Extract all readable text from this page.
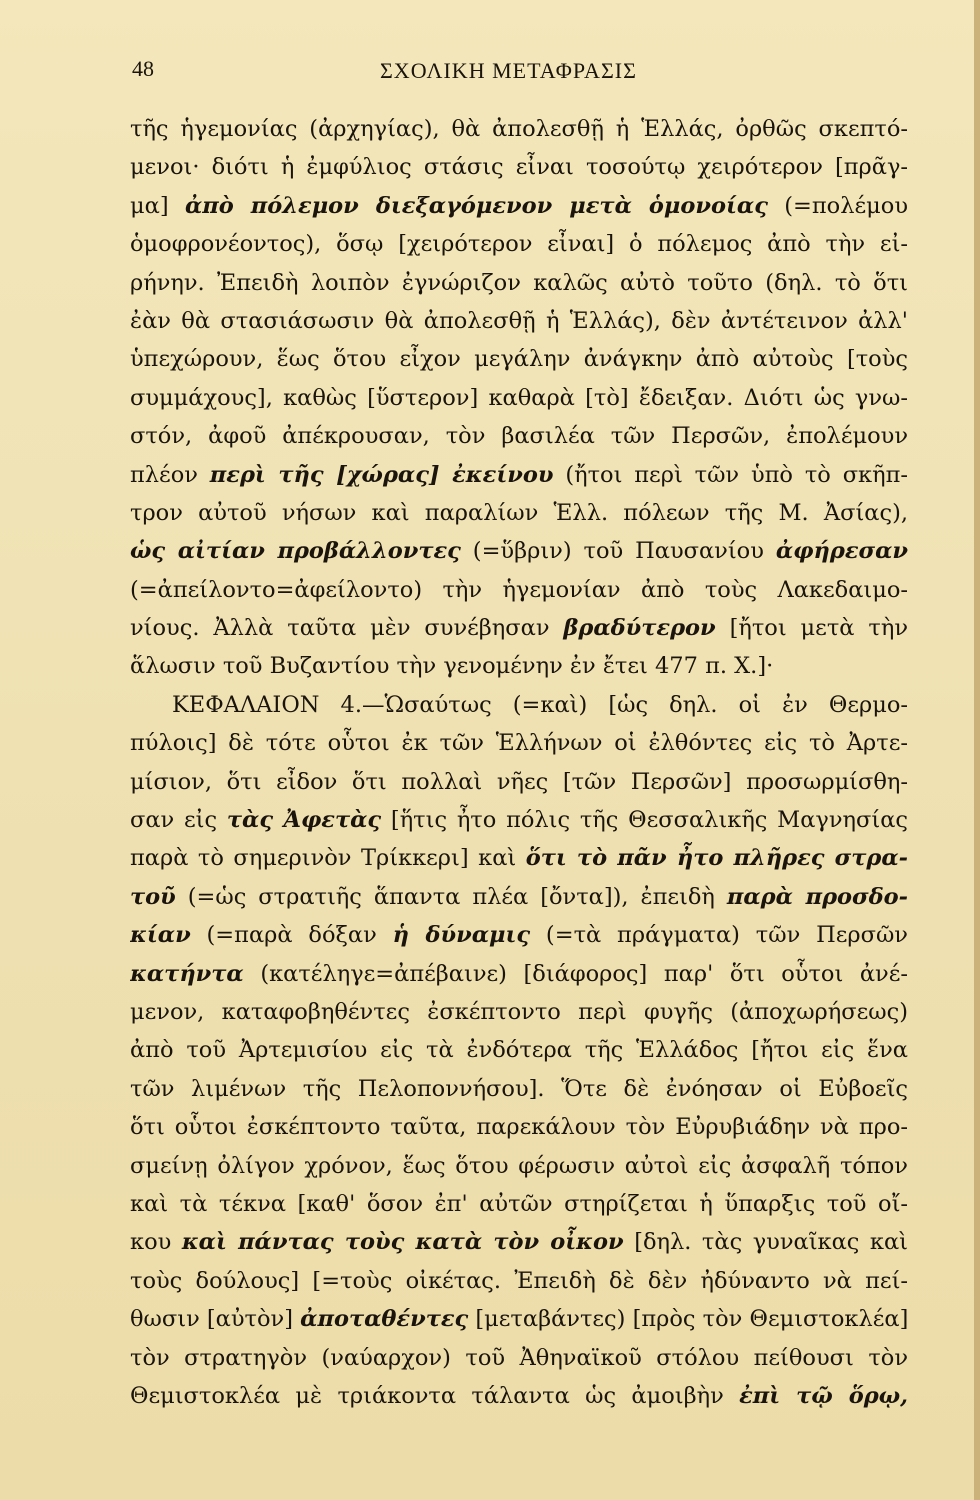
48	ΣΧΟΛΙΚΗ ΜΕΤΑΦΡΑΣΙΣ
τῆς ἡγεμονίας (ἀρχηγίας), θὰ ἀπολεσθῇ ἡ Ἑλλάς, ὀρθῶς σκεπτό-
μενοι· διότι ἡ ἐμφύλιος στάσις εἶναι τοσούτῳ χειρότερον [πρᾶγ-
μα] ἀπὸ πόλεμον διεξαγόμενον μετὰ ὁμονοίας (=πολέμου
ὁμοφρονέοντος), ὅσῳ [χειρότερον εἶναι] ὁ πόλεμος ἀπὸ τὴν εἰ-
ρήνην. Ἐπειδὴ λοιπὸν ἐγνώριζον καλῶς αὐτὸ τοῦτο (δηλ. τὸ ὅτι
ἐὰν θὰ στασιάσωσιν θὰ ἀπολεσθῇ ἡ Ἑλλάς), δὲν ἀντέτεινον ἀλλ'
ὑπεχώρουν, ἕως ὅτου εἶχον μεγάλην ἀνάγκην ἀπὸ αὐτοὺς [τοὺς
συμμάχους], καθὼς [ὕστερον] καθαρὰ [τὸ] ἔδειξαν. Διότι ὡς γνω-
στόν, ἀφοῦ ἀπέκρουσαν, τὸν βασιλέα τῶν Περσῶν, ἐπολέμουν
πλέον περὶ τῆς [χώρας] ἐκείνου (ἤτοι περὶ τῶν ὑπὸ τὸ σκῆπ-
τρον αὐτοῦ νήσων καὶ παραλίων Ἑλλ. πόλεων τῆς Μ. Ἀσίας),
ὡς αἰτίαν προβάλλοντες (=ὕβριν) τοῦ Παυσανίου ἀφήρεσαν
(=ἀπείλοντο=ἀφείλοντο) τὴν ἡγεμονίαν ἀπὸ τοὺς Λακεδαιμο-
νίους. Ἀλλὰ ταῦτα μὲν συνέβησαν βραδύτερον [ἤτοι μετὰ τὴν
ἅλωσιν τοῦ Βυζαντίου τὴν γενομένην ἐν ἔτει 477 π. Χ.]·
ΚΕΦΑΛΑΙΟΝ 4.—Ὡσαύτως (=καὶ) [ὡς δηλ. οἱ ἐν Θερμο-
πύλοις] δὲ τότε οὗτοι ἐκ τῶν Ἑλλήνων οἱ ἐλθόντες εἰς τὸ Ἀρτε-
μίσιον, ὅτι εἶδον ὅτι πολλαὶ νῆες [τῶν Περσῶν] προσωρμίσθη-
σαν εἰς τὰς Ἀφετὰς [ἥτις ἦτο πόλις τῆς Θεσσαλικῆς Μαγνησίας
παρὰ τὸ σημερινὸν Τρίκκερι] καὶ ὅτι τὸ πᾶν ἦτο πλῆρες στρα-
τοῦ (=ὡς στρατιῆς ἅπαντα πλέα [ὄντα]), ἐπειδὴ παρὰ προσδο-
κίαν (=παρὰ δόξαν ἡ δύναμις (=τὰ πράγματα) τῶν Περσῶν
κατήντα (κατέληγε=ἀπέβαινε) [διάφορος] παρ' ὅτι οὗτοι ἀνέ-
μενον, καταφοβηθέντες ἐσκέπτοντο περὶ φυγῆς (ἀποχωρήσεως)
ἀπὸ τοῦ Ἀρτεμισίου εἰς τὰ ἐνδότερα τῆς Ἑλλάδος [ἤτοι εἰς ἕνα
τῶν λιμένων τῆς Πελοποννήσου]. Ὅτε δὲ ἐνόησαν οἱ Εὐβοεῖς
ὅτι οὗτοι ἐσκέπτοντο ταῦτα, παρεκάλουν τὸν Εὐρυβιάδην νὰ προ-
σμείνῃ ὀλίγον χρόνον, ἕως ὅτου φέρωσιν αὐτοὶ εἰς ἀσφαλῆ τόπον
καὶ τὰ τέκνα [καθ' ὅσον ἐπ' αὐτῶν στηρίζεται ἡ ὕπαρξις τοῦ οἴ-
κου καὶ πάντας τοὺς κατὰ τὸν οἶκον [δηλ. τὰς γυναῖκας καὶ
τοὺς δούλους] [=τοὺς οἰκέτας. Ἐπειδὴ δὲ δὲν ἠδύναντο νὰ πεί-
θωσιν [αὐτὸν] ἀποταθέντες [μεταβάντες) [πρὸς τὸν Θεμιστοκλέα]
τὸν στρατηγὸν (ναύαρχον) τοῦ Ἀθηναϊκοῦ στόλου πείθουσι τὸν
Θεμιστοκλέα μὲ τριάκοντα τάλαντα ὡς ἀμοιβὴν ἐπὶ τῷ ὅρῳ,
